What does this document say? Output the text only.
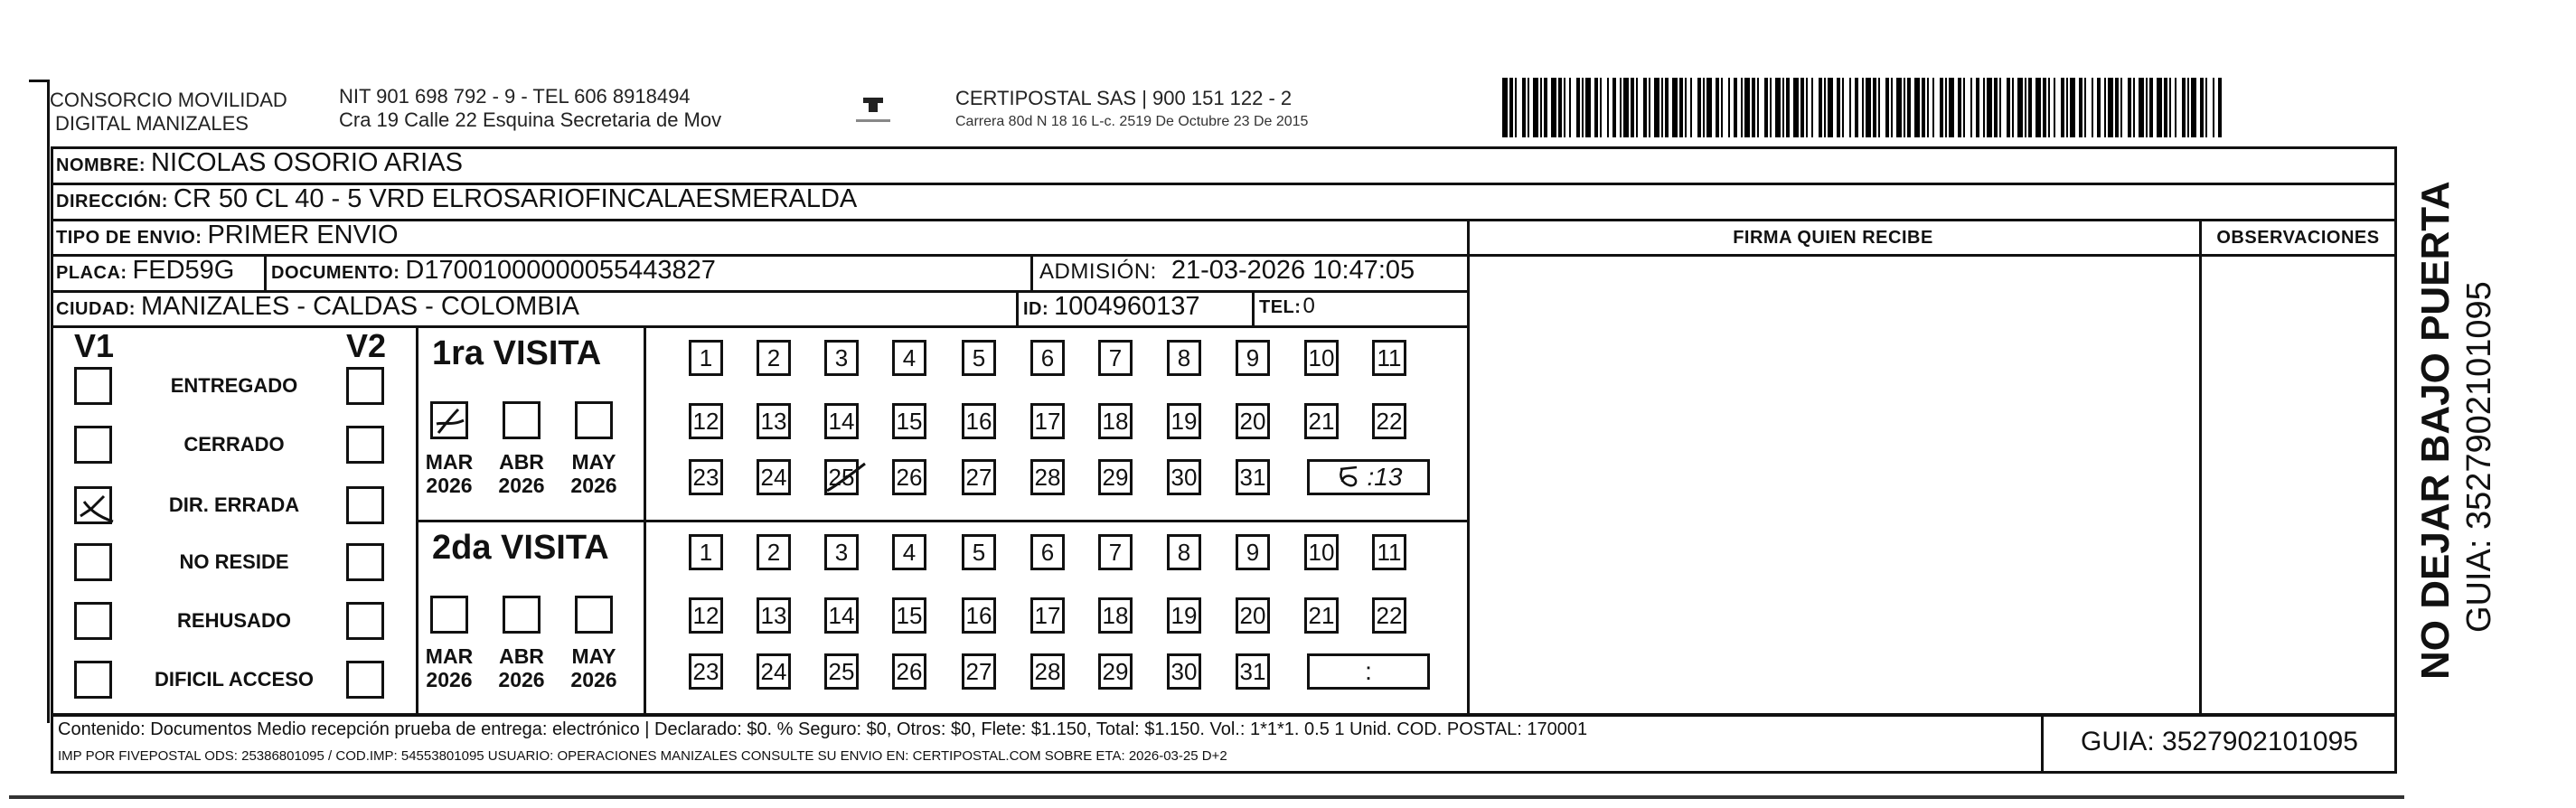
CONSORCIO MOVILIDAD
DIGITAL MANIZALES
NIT 901 698 792 - 9 - TEL 606 8918494
Cra 19 Calle 22 Esquina Secretaria de Mov
CERTIPOSTAL SAS | 900 151 122 - 2
Carrera 80d N 18 16 L-c. 2519 De Octubre 23 De 2015
NOMBRE: NICOLAS OSORIO ARIAS
DIRECCIÓN: CR 50 CL 40 - 5 VRD ELROSARIOFINCALAESMERALDA
TIPO DE ENVIO: PRIMER ENVIO	FIRMA QUIEN RECIBE	OBSERVACIONES
PLACA: FED59G DOCUMENTO: D17001000000055443827	ADMISIÓN: 21-03-2026 10:47:05
CIUDAD: MANIZALES - CALDAS - COLOMBIA	ID: 1004960137	TEL: 0
V1	V2
ENTREGADO
CERRADO
DIR. ERRADA
NO RESIDE
REHUSADO
DIFICIL ACCESO
1ra VISITA
MAR
2026
ABR
2026
MAY
2026
1 2 3 4 5 6 7 8 9 10 11
12 13 14 15 16 17 18 19 20 21 22
23 24 25 26 27 28 29 30 31	:13
2da VISITA
MAR
2026
ABR
2026
MAY
2026
1 2 3 4 5 6 7 8 9 10 11
12 13 14 15 16 17 18 19 20 21 22
23 24 25 26 27 28 29 30 31	:
Contenido: Documentos Medio recepción prueba de entrega: electrónico | Declarado: $0. % Seguro: $0, Otros: $0, Flete: $1.150, Total: $1.150. Vol.: 1*1*1. 0.5 1 Unid. COD. POSTAL: 170001
IMP POR FIVEPOSTAL ODS: 25386801095 / COD.IMP: 54553801095 USUARIO: OPERACIONES MANIZALES CONSULTE SU ENVIO EN: CERTIPOSTAL.COM SOBRE ETA: 2026-03-25 D+2	GUIA: 3527902101095
NO DEJAR BAJO PUERTA GUIA: 3527902101095
